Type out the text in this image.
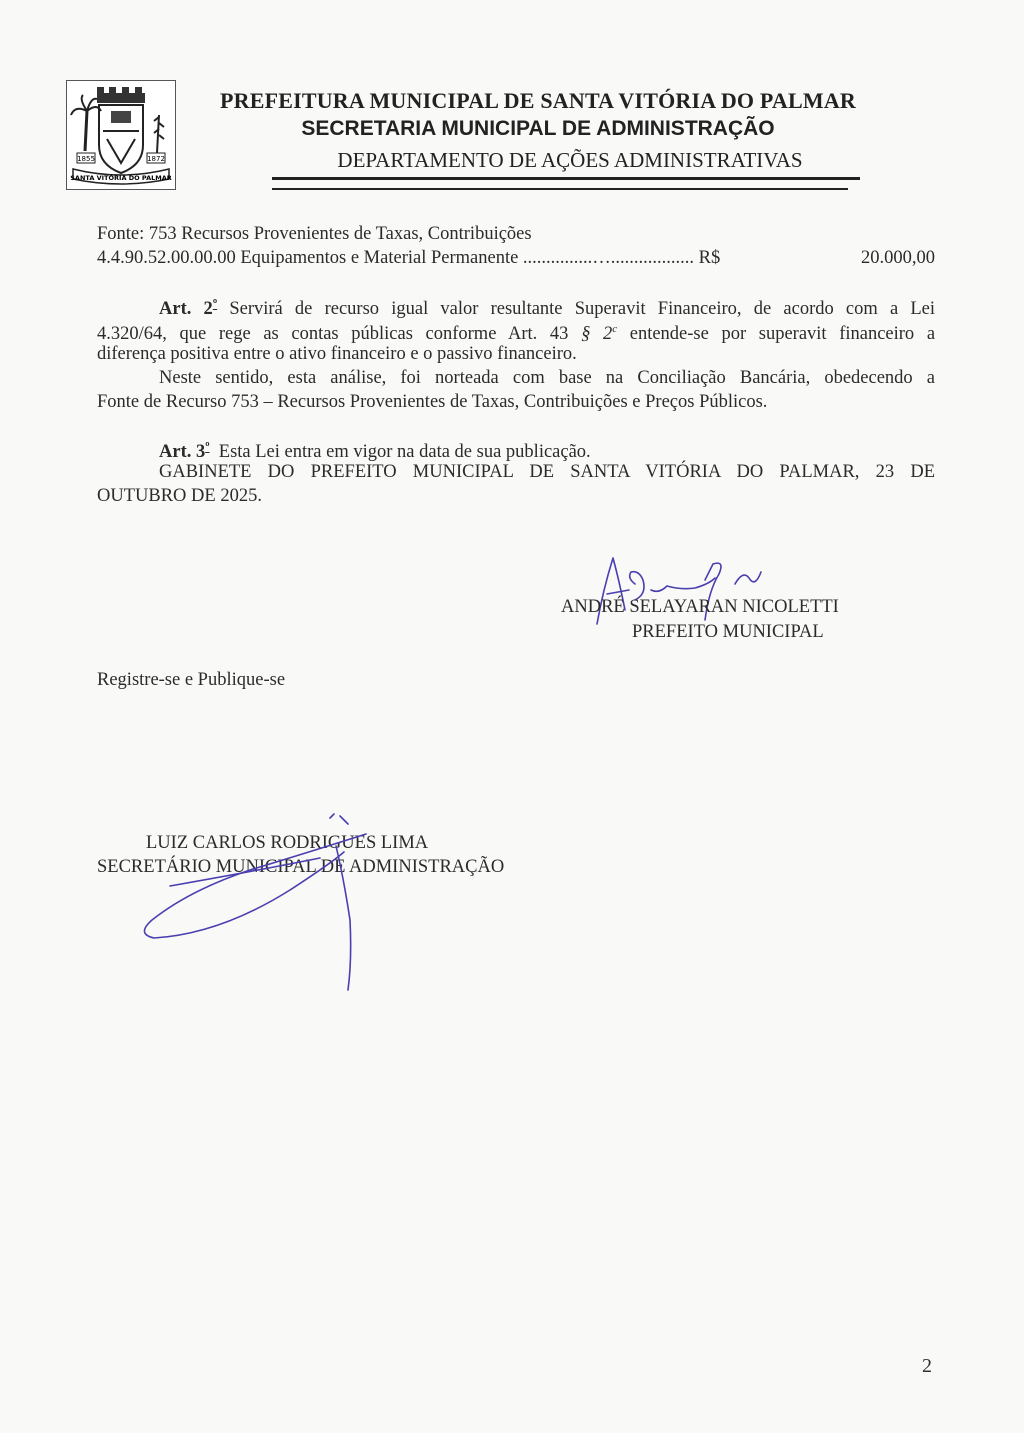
1855	1872
SANTA VITÓRIA DO PALMAR
PREFEITURA MUNICIPAL DE SANTA VITÓRIA DO PALMAR
SECRETARIA MUNICIPAL DE ADMINISTRAÇÃO
DEPARTAMENTO DE AÇÕES ADMINISTRATIVAS
Fonte: 753 Recursos Provenientes de Taxas, Contribuições
4.4.90.52.00.00.00 Equipamentos e Material Permanente ...............….................. R$	20.000,00
Art. $2^º$ Servirá de recurso igual valor resultante Superavit Financeiro, de acordo com a Lei
4.320/64, que rege as contas públicas conforme Art. 43 § 2$^c$ entende-se por superavit financeiro a
diferença positiva entre o ativo financeiro e o passivo financeiro.
Neste sentido, esta análise, foi norteada com base na Conciliação Bancária, obedecendo a
Fonte de Recurso 753 – Recursos Provenientes de Taxas, Contribuições e Preços Públicos.
Art. $3^º$ Esta Lei entra em vigor na data de sua publicação.
GABINETE DO PREFEITO MUNICIPAL DE SANTA VITÓRIA DO PALMAR, 23 DE
OUTUBRO DE 2025.
ANDRÉ SELAYARAN NICOLETTI
PREFEITO MUNICIPAL
Registre-se e Publique-se
LUIZ CARLOS RODRIGUES LIMA
SECRETÁRIO MUNICIPAL DE ADMINISTRAÇÃO
2
